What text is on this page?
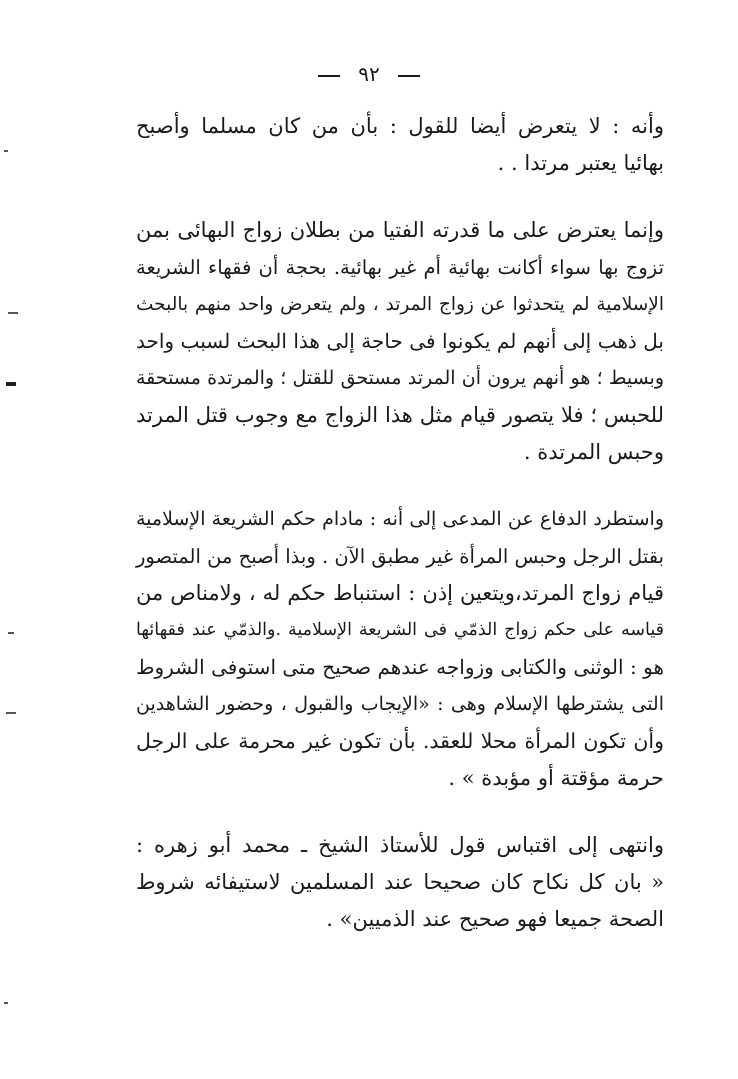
٩٢
وأنه : لا يتعرض أيضا للقول : بأن من كان مسلما وأصبح
بهائيا يعتبر مرتدا . .
وإنما يعترض على ما قدرته الفتيا من بطلان زواج البهائى بمن
تزوج بها سواء أكانت بهائية أم غير بهائية. بحجة أن فقهاء الشريعة
الإسلامية لم يتحدثوا عن زواج المرتد ، ولم يتعرض واحد منهم بالبحث
بل ذهب إلى أنهم لم يكونوا فى حاجة إلى هذا البحث لسبب واحد
وبسيط ؛ هو أنهم يرون أن المرتد مستحق للقتل ؛ والمرتدة مستحقة
للحبس ؛ فلا يتصور قيام مثل هذا الزواج مع وجوب قتل المرتد
وحبس المرتدة .
واستطرد الدفاع عن المدعى إلى أنه : مادام حكم الشريعة الإسلامية
بقتل الرجل وحبس المرأة غير مطبق الآن . وبذا أصبح من المتصور
قيام زواج المرتد،ويتعين إذن : استنباط حكم له ، ولامناص من
قياسه على حكم زواج الذمّي فى الشريعة الإسلامية .والذمّي عند فقهائها
هو : الوثنى والكتابى وزواجه عندهم صحيح متى استوفى الشروط
التى يشترطها الإسلام وهى : «الإيجاب والقبول ، وحضور الشاهدين
وأن تكون المرأة محلا للعقد. بأن تكون غير محرمة على الرجل
حرمة مؤقتة أو مؤبدة » .
وانتهى إلى اقتباس قول للأستاذ الشيخ ـ محمد أبو زهره :
« بان كل نكاح كان صحيحا عند المسلمين لاستيفائه شروط
الصحة جميعا فهو صحيح عند الذميين» .
